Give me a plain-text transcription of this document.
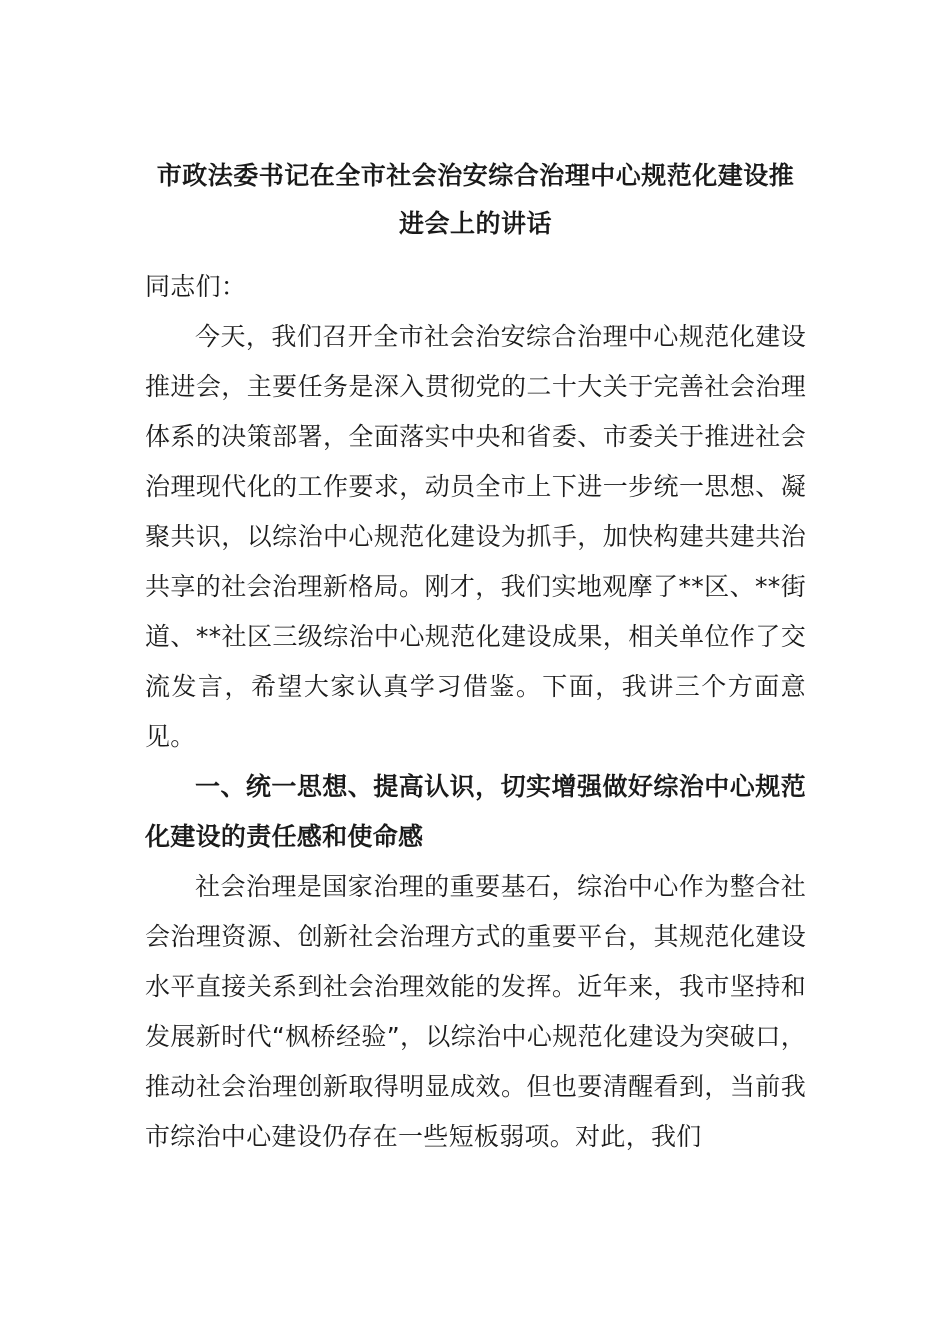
市政法委书记在全市社会治安综合治理中心规范化建设推进会上的讲话

同志们：

今天，我们召开全市社会治安综合治理中心规范化建设推进会，主要任务是深入贯彻党的二十大关于完善社会治理体系的决策部署，全面落实中央和省委、市委关于推进社会治理现代化的工作要求，动员全市上下进一步统一思想、凝聚共识，以综治中心规范化建设为抓手，加快构建共建共治共享的社会治理新格局。刚才，我们实地观摩了**区、**街道、**社区三级综治中心规范化建设成果，相关单位作了交流发言，希望大家认真学习借鉴。下面，我讲三个方面意见。

一、统一思想、提高认识，切实增强做好综治中心规范化建设的责任感和使命感

社会治理是国家治理的重要基石，综治中心作为整合社会治理资源、创新社会治理方式的重要平台，其规范化建设水平直接关系到社会治理效能的发挥。近年来，我市坚持和发展新时代“枫桥经验”，以综治中心规范化建设为突破口，推动社会治理创新取得明显成效。但也要清醒看到，当前我市综治中心建设仍存在一些短板弱项。对此，我们
